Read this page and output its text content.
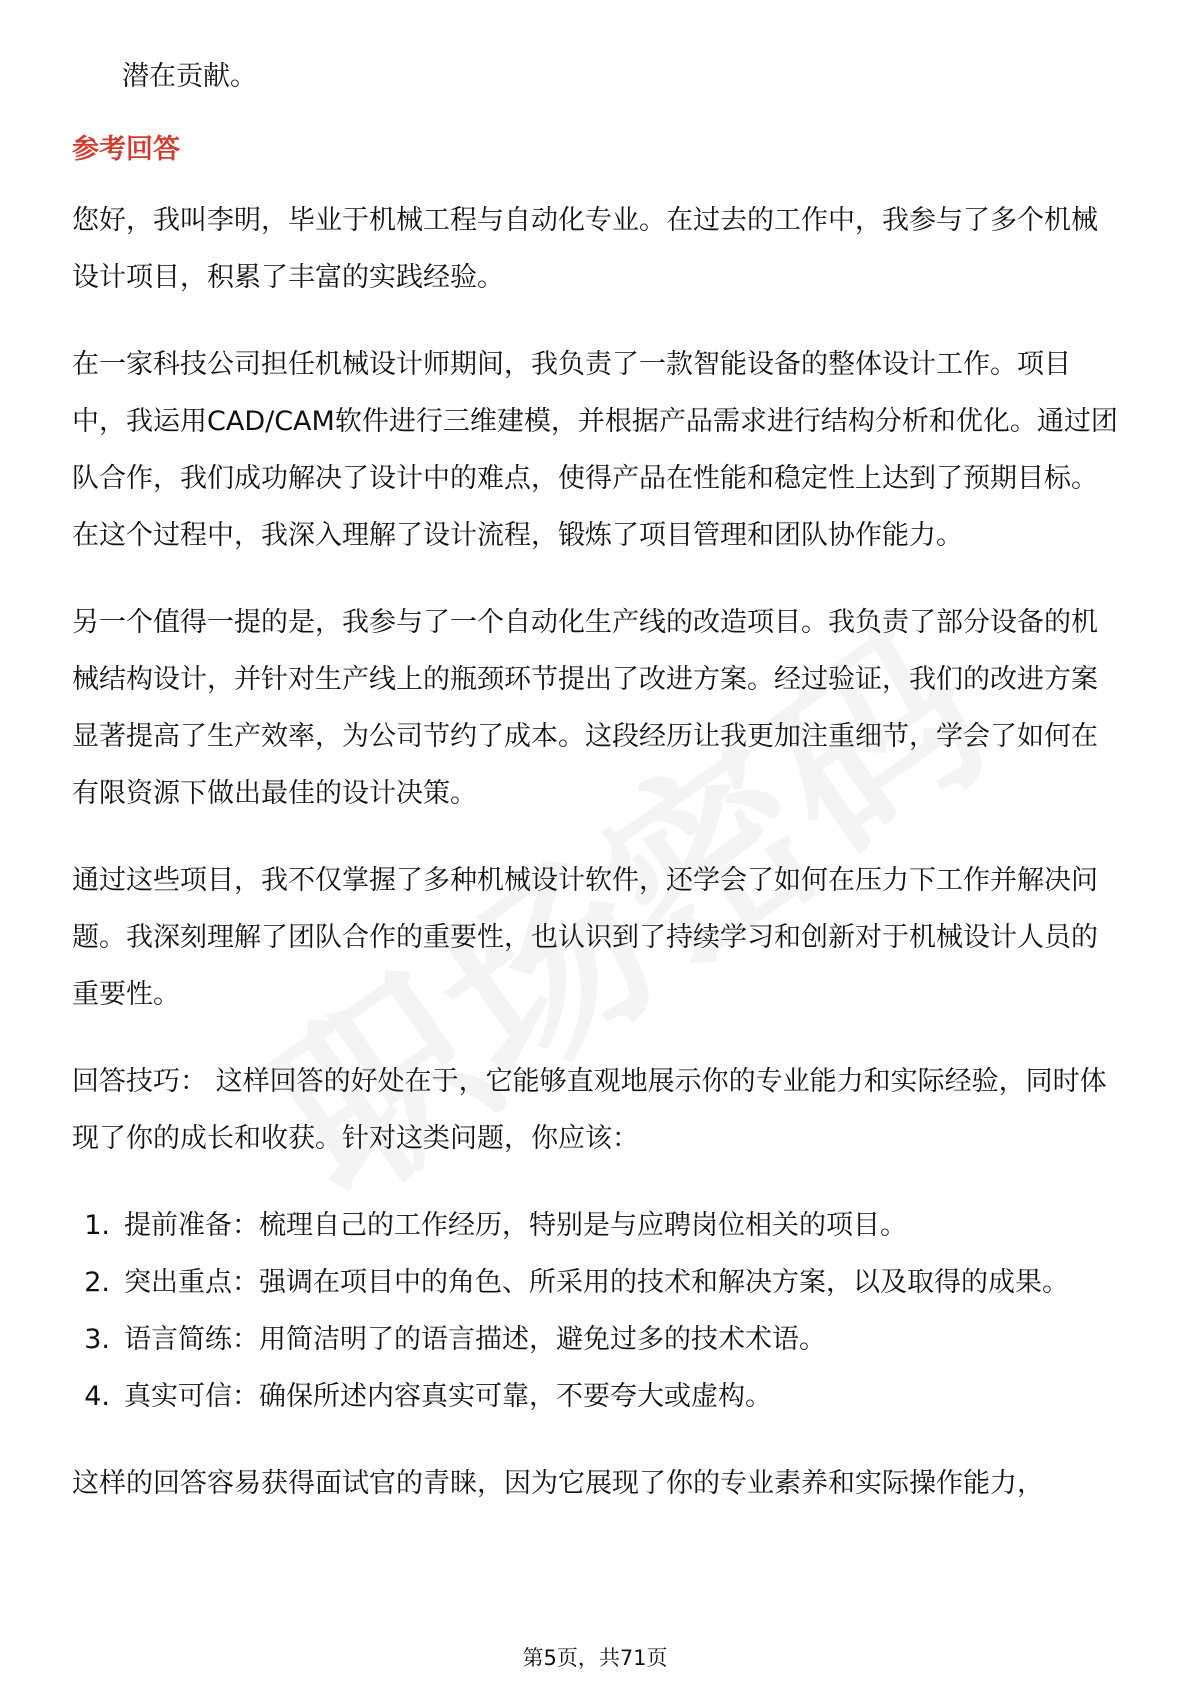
潜在贡献。

参考回答

您好，我叫李明，毕业于机械工程与自动化专业。在过去的工作中，我参与了多个机械设计项目，积累了丰富的实践经验。

在一家科技公司担任机械设计师期间，我负责了一款智能设备的整体设计工作。项目中，我运用CAD/CAM软件进行三维建模，并根据产品需求进行结构分析和优化。通过团队合作，我们成功解决了设计中的难点，使得产品在性能和稳定性上达到了预期目标。在这个过程中，我深入理解了设计流程，锻炼了项目管理和团队协作能力。

另一个值得一提的是，我参与了一个自动化生产线的改造项目。我负责了部分设备的机械结构设计，并针对生产线上的瓶颈环节提出了改进方案。经过验证，我们的改进方案显著提高了生产效率，为公司节约了成本。这段经历让我更加注重细节，学会了如何在有限资源下做出最佳的设计决策。

通过这些项目，我不仅掌握了多种机械设计软件，还学会了如何在压力下工作并解决问题。我深刻理解了团队合作的重要性，也认识到了持续学习和创新对于机械设计人员的重要性。

回答技巧： 这样回答的好处在于，它能够直观地展示你的专业能力和实际经验，同时体现了你的成长和收获。针对这类问题，你应该：

1. 提前准备：梳理自己的工作经历，特别是与应聘岗位相关的项目。
2. 突出重点：强调在项目中的角色、所采用的技术和解决方案，以及取得的成果。
3. 语言简练：用简洁明了的语言描述，避免过多的技术术语。
4. 真实可信：确保所述内容真实可靠，不要夸大或虚构。

这样的回答容易获得面试官的青睐，因为它展现了你的专业素养和实际操作能力，

第5页，共71页
